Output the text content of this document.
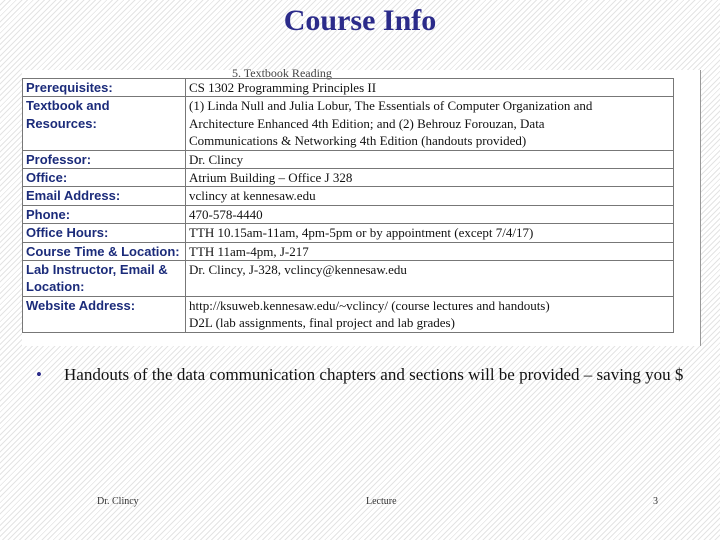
Course Info
5. Textbook Reading
Prerequisites:	CS 1302 Programming Principles II
Textbook and Resources:	(1) Linda Null and Julia Lobur, The Essentials of Computer Organization and
Architecture Enhanced 4th Edition; and (2) Behrouz Forouzan, Data
Communications & Networking 4th Edition (handouts provided)

Professor:	Dr. Clincy
Office:	Atrium Building – Office J 328
Email Address:	vclincy at kennesaw.edu
Phone:	470-578-4440
Office Hours:	TTH 10.15am-11am, 4pm-5pm or by appointment (except 7/4/17)
Course Time & Location:	TTH 11am-4pm, J-217
Lab Instructor, Email & Location:	Dr. Clincy, J-328, vclincy@kennesaw.edu
Website Address:	http://ksuweb.kennesaw.edu/~vclincy/ (course lectures and handouts)
D2L (lab assignments, final project and lab grades)
• Handouts of the data communication chapters and sections will be provided – saving you $
Dr. Clincy	Lecture	3
